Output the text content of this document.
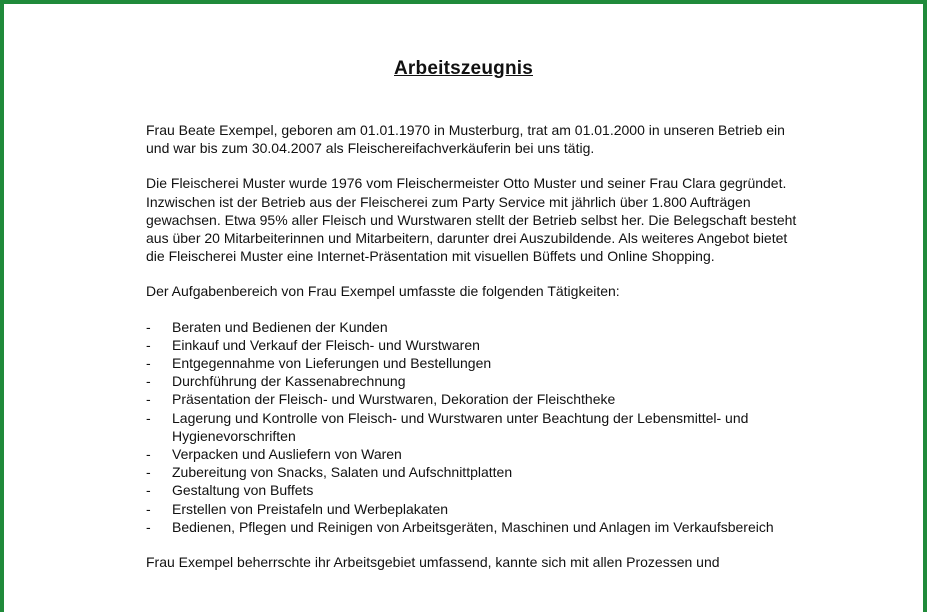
Arbeitszeugnis

Frau Beate Exempel, geboren am 01.01.1970 in Musterburg, trat am 01.01.2000 in unseren Betrieb ein und war bis zum 30.04.2007 als Fleischereifachverkäuferin bei uns tätig.

Die Fleischerei Muster wurde 1976 vom Fleischermeister Otto Muster und seiner Frau Clara gegründet. Inzwischen ist der Betrieb aus der Fleischerei zum Party Service mit jährlich über 1.800 Aufträgen gewachsen. Etwa 95% aller Fleisch und Wurstwaren stellt der Betrieb selbst her. Die Belegschaft besteht aus über 20 Mitarbeiterinnen und Mitarbeitern, darunter drei Auszubildende. Als weiteres Angebot bietet die Fleischerei Muster eine Internet-Präsentation mit visuellen Büffets und Online Shopping.

Der Aufgabenbereich von Frau Exempel umfasste die folgenden Tätigkeiten:

- Beraten und Bedienen der Kunden
- Einkauf und Verkauf der Fleisch- und Wurstwaren
- Entgegennahme von Lieferungen und Bestellungen
- Durchführung der Kassenabrechnung
- Präsentation der Fleisch- und Wurstwaren, Dekoration der Fleischtheke
- Lagerung und Kontrolle von Fleisch- und Wurstwaren unter Beachtung der Lebensmittel- und Hygienevorschriften
- Verpacken und Ausliefern von Waren
- Zubereitung von Snacks, Salaten und Aufschnittplatten
- Gestaltung von Buffets
- Erstellen von Preistafeln und Werbeplakaten
- Bedienen, Pflegen und Reinigen von Arbeitsgeräten, Maschinen und Anlagen im Verkaufsbereich

Frau Exempel beherrschte ihr Arbeitsgebiet umfassend, kannte sich mit allen Prozessen und
